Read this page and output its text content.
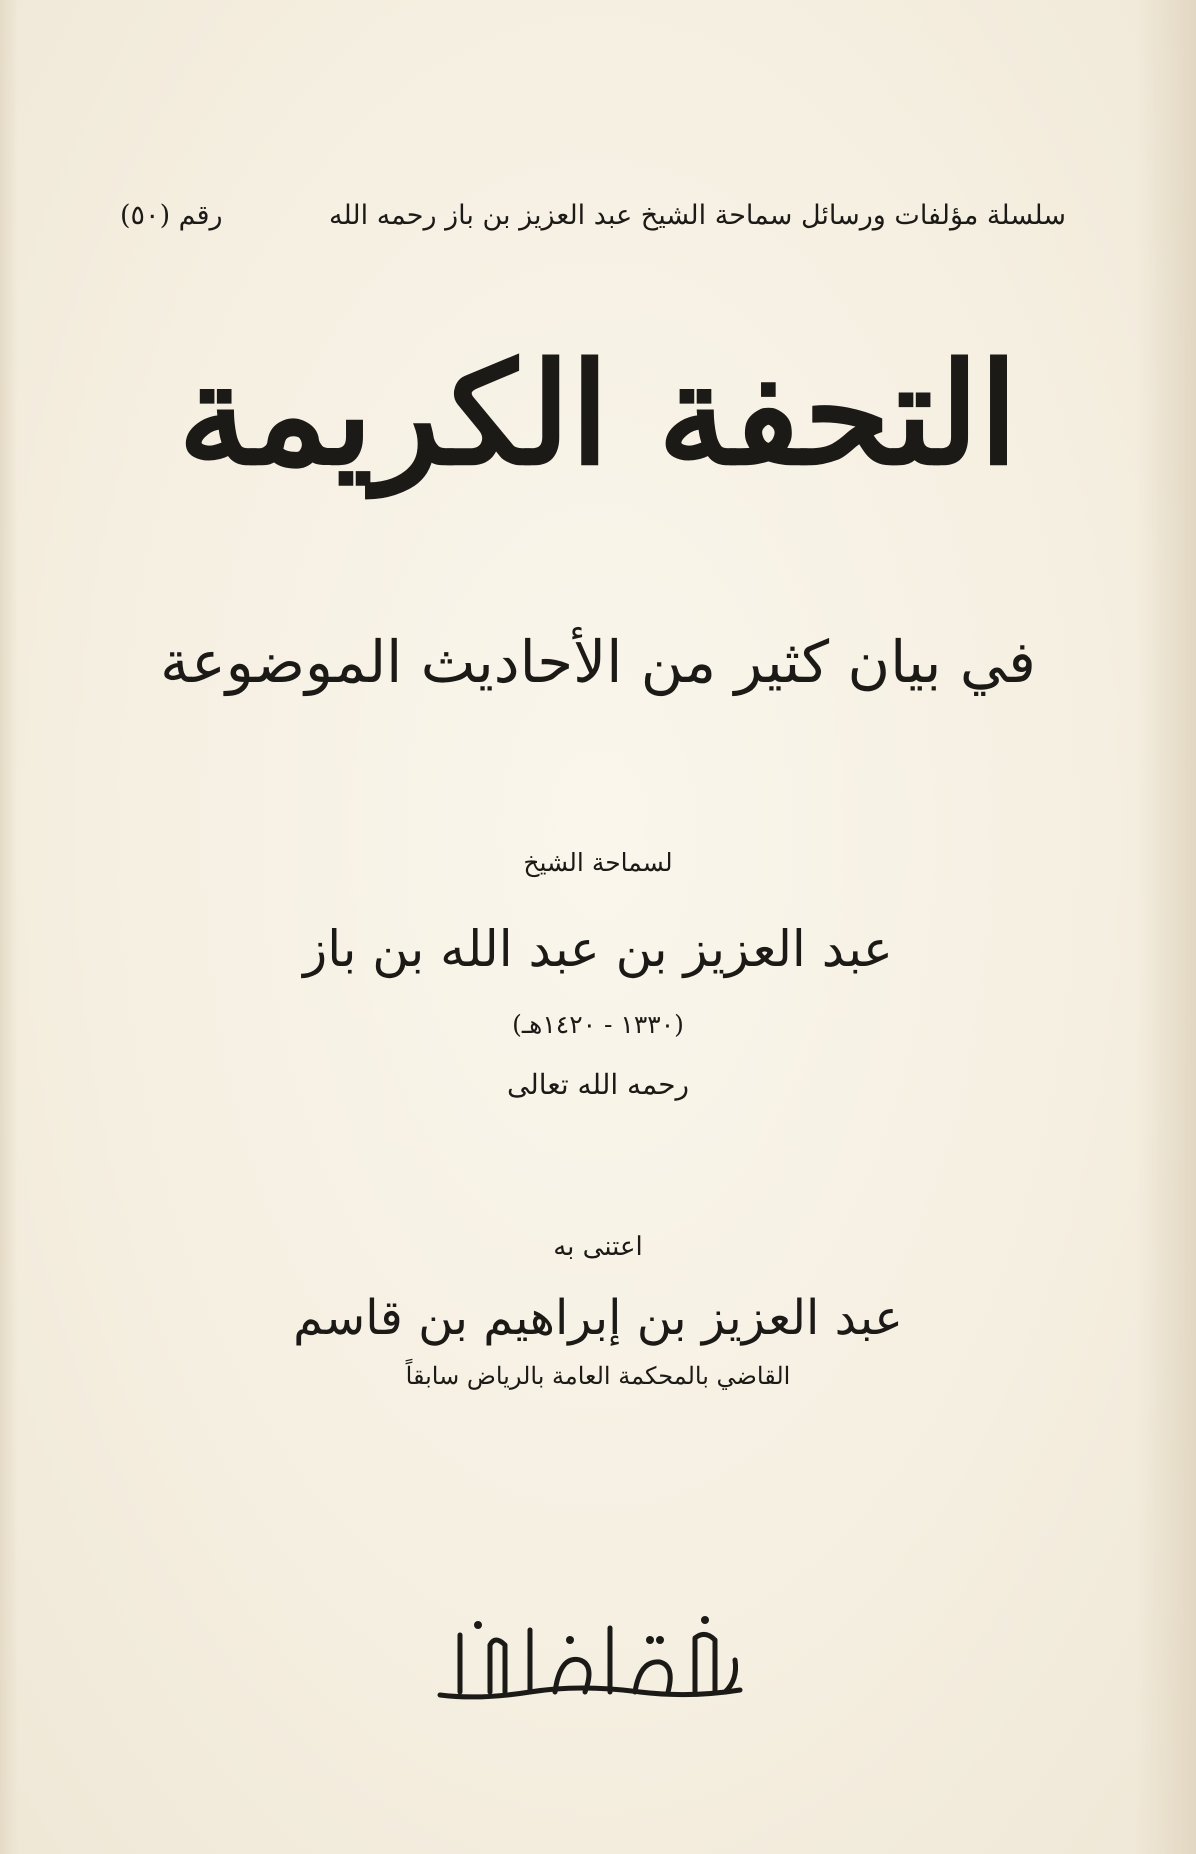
سلسلة مؤلفات ورسائل سماحة الشيخ عبد العزيز بن باز رحمه الله
رقم (٥٠)
التحفة الكريمة
في بيان كثير من الأحاديث الموضوعة
لسماحة الشيخ
عبد العزيز بن عبد الله بن باز
(١٣٣٠ - ١٤٢٠هـ)
رحمه الله تعالى
اعتنى به
عبد العزيز بن إبراهيم بن قاسم
القاضي بالمحكمة العامة بالرياض سابقاً
